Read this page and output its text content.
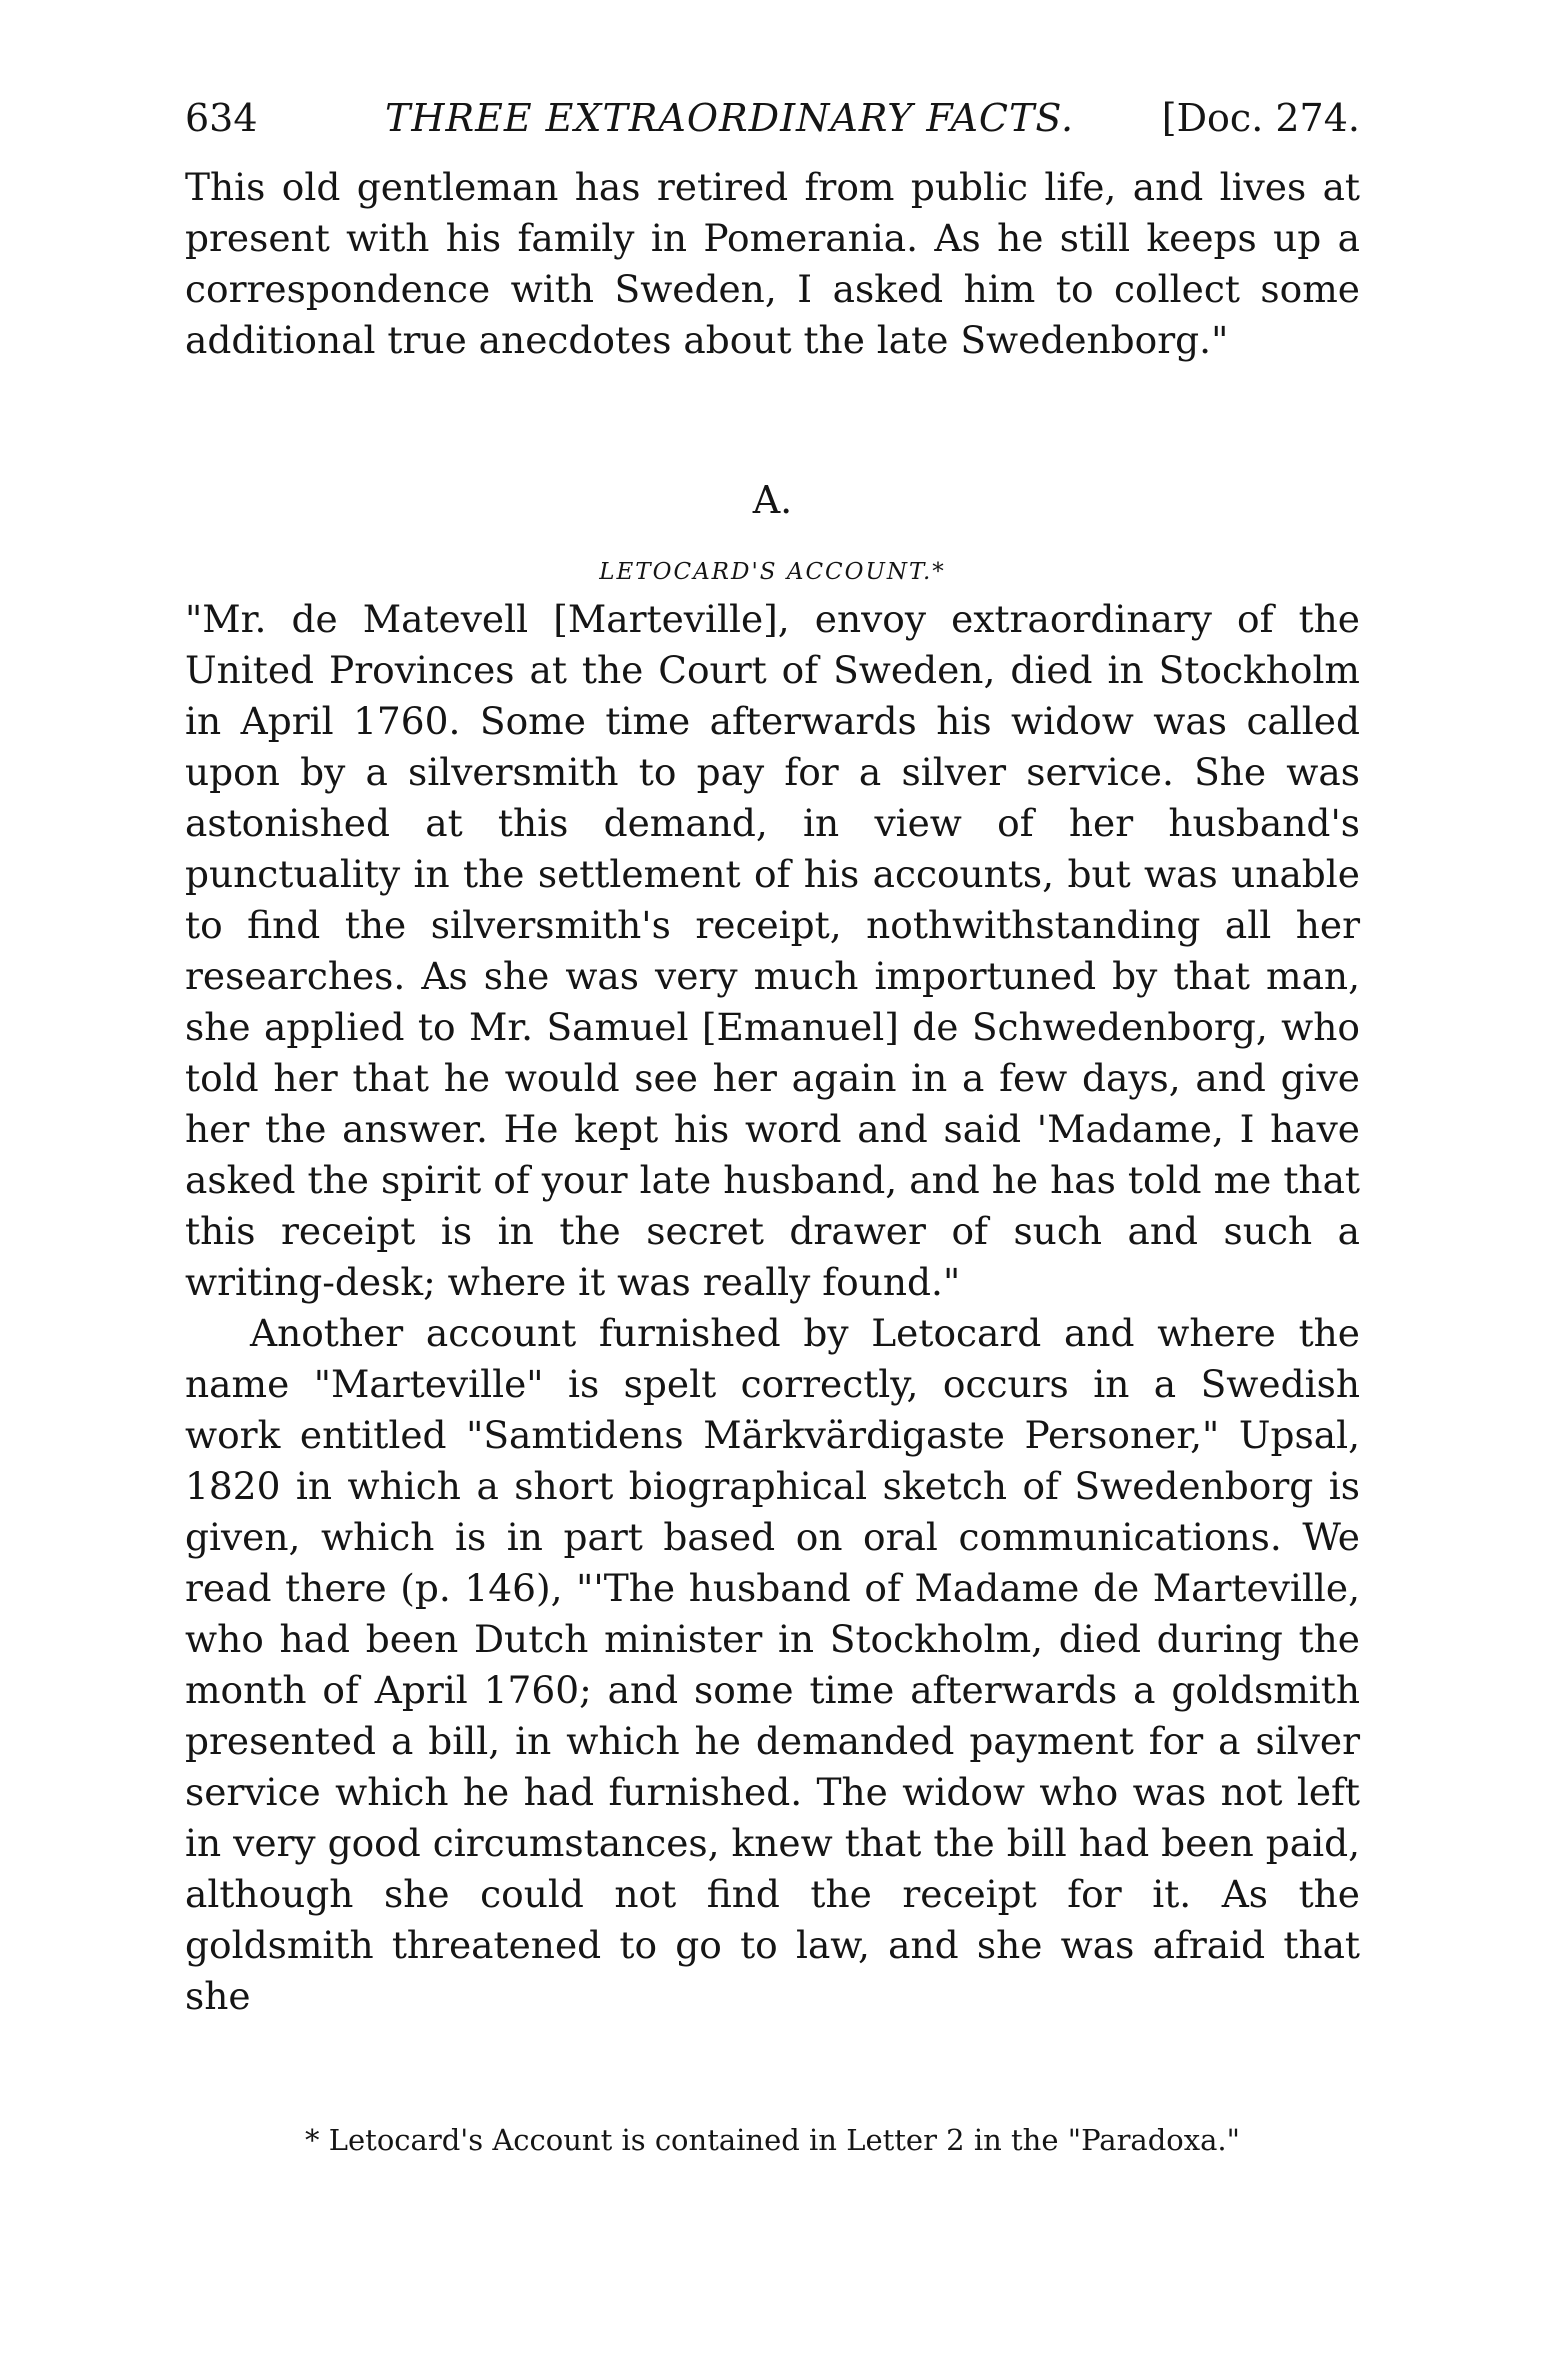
634	THREE EXTRAORDINARY FACTS. [Doc. 274.

This old gentleman has retired from public life, and lives at present with his family in Pomerania. As he still keeps up a correspondence with Sweden, I asked him to collect some additional true anecdotes about the late Swedenborg."

A.
LETOCARD'S ACCOUNT.*

"Mr. de Matevell [Marteville], envoy extraordinary of the United Provinces at the Court of Sweden, died in Stockholm in April 1760. Some time afterwards his widow was called upon by a silversmith to pay for a silver service. She was astonished at this demand, in view of her husband's punctuality in the settlement of his accounts, but was unable to find the silversmith's receipt, nothwithstanding all her researches. As she was very much importuned by that man, she applied to Mr. Samuel [Emanuel] de Schwedenborg, who told her that he would see her again in a few days, and give her the answer. He kept his word and said 'Madame, I have asked the spirit of your late husband, and he has told me that this receipt is in the secret drawer of such and such a writing-desk; where it was really found."

Another account furnished by Letocard and where the name "Marteville" is spelt correctly, occurs in a Swedish work entitled "Samtidens Märkvärdigaste Personer," Upsal, 1820 in which a short biographical sketch of Swedenborg is given, which is in part based on oral communications. We read there (p. 146), "'The husband of Madame de Marteville, who had been Dutch minister in Stockholm, died during the month of April 1760; and some time afterwards a goldsmith presented a bill, in which he demanded payment for a silver service which he had furnished. The widow who was not left in very good circumstances, knew that the bill had been paid, although she could not find the receipt for it. As the goldsmith threatened to go to law, and she was afraid that she

* Letocard's Account is contained in Letter 2 in the "Paradoxa."
